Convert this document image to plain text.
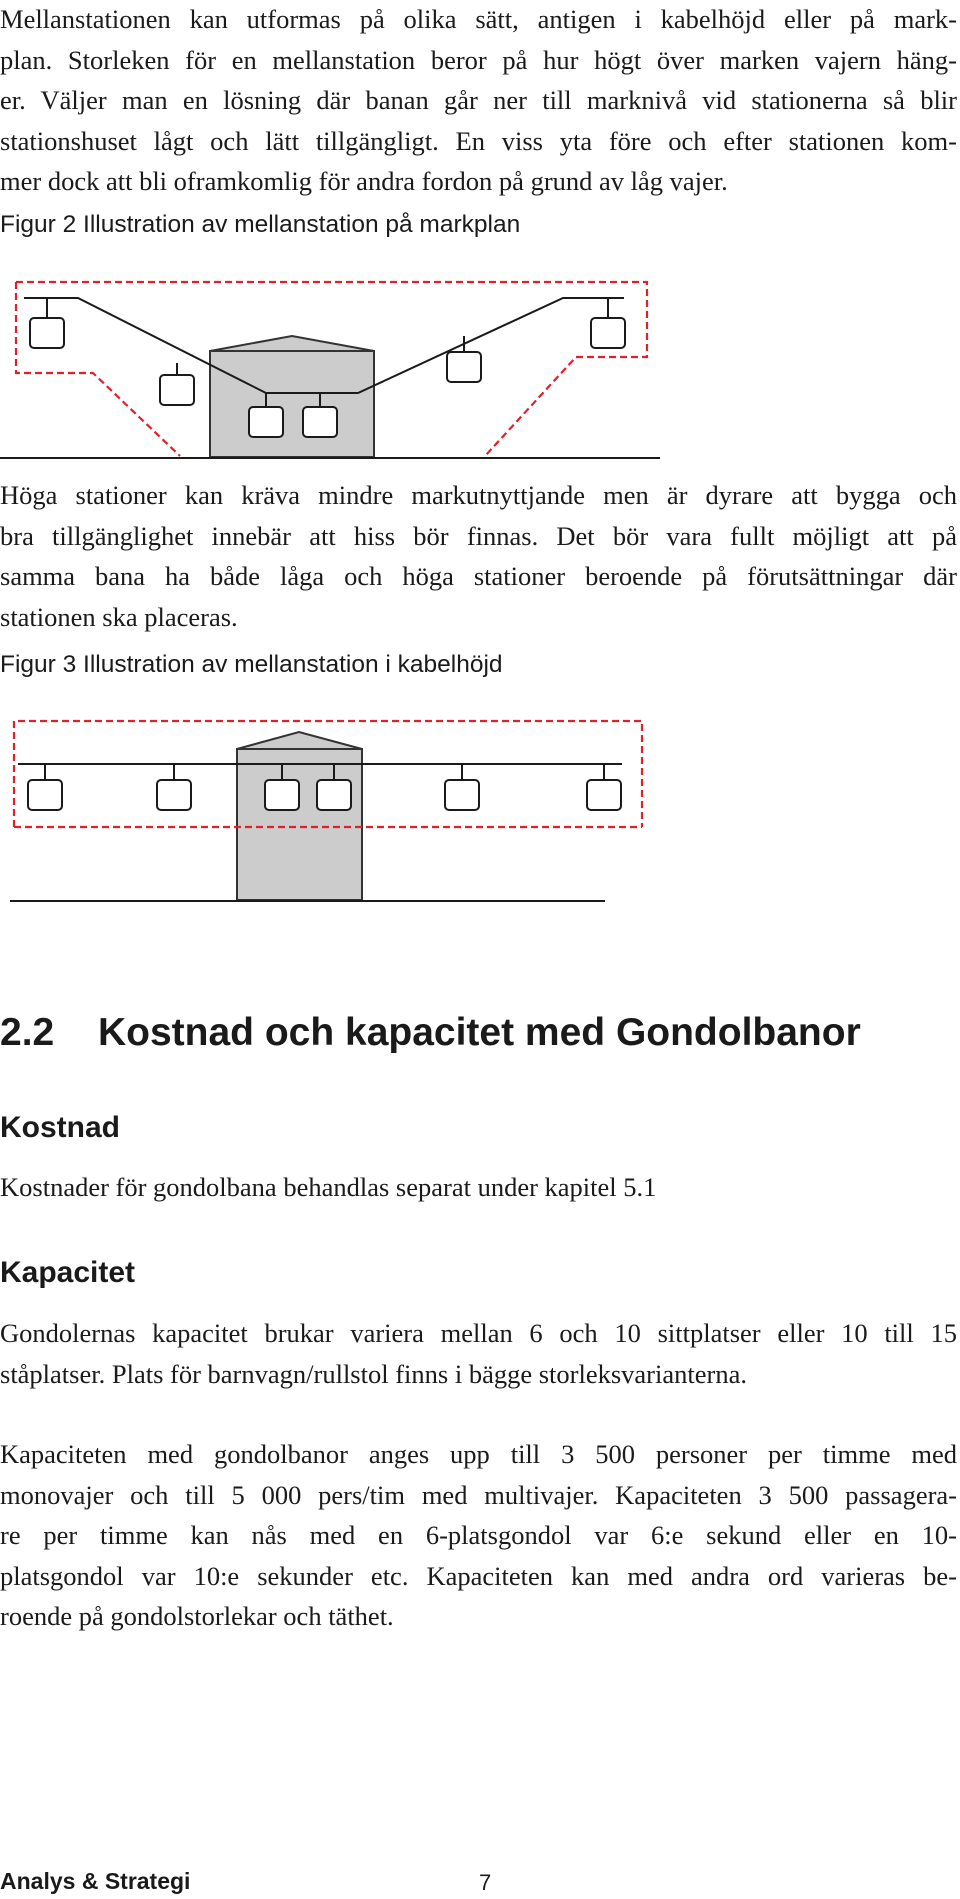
Mellanstationen kan utformas på olika sätt, antigen i kabelhöjd eller på mark-
plan. Storleken för en mellanstation beror på hur högt över marken vajern häng-
er. Väljer man en lösning där banan går ner till marknivå vid stationerna så blir
stationshuset lågt och lätt tillgängligt. En viss yta före och efter stationen kom-
mer dock att bli oframkomlig för andra fordon på grund av låg vajer.

Figur 2 Illustration av mellanstation på markplan

Höga stationer kan kräva mindre markutnyttjande men är dyrare att bygga och
bra tillgänglighet innebär att hiss bör finnas. Det bör vara fullt möjligt att på
samma bana ha både låga och höga stationer beroende på förutsättningar där
stationen ska placeras.

Figur 3 Illustration av mellanstation i kabelhöjd

2.2 Kostnad och kapacitet med Gondolbanor
Kostnad
Kostnader för gondolbana behandlas separat under kapitel 5.1
Kapacitet
Gondolernas kapacitet brukar variera mellan 6 och 10 sittplatser eller 10 till 15
ståplatser. Plats för barnvagn/rullstol finns i bägge storleksvarianterna.
Kapaciteten med gondolbanor anges upp till 3 500 personer per timme med
monovajer och till 5 000 pers/tim med multivajer. Kapaciteten 3 500 passagera-
re per timme kan nås med en 6-platsgondol var 6:e sekund eller en 10-
platsgondol var 10:e sekunder etc. Kapaciteten kan med andra ord varieras be-
roende på gondolstorlekar och täthet.

Analys & Strategi	7
